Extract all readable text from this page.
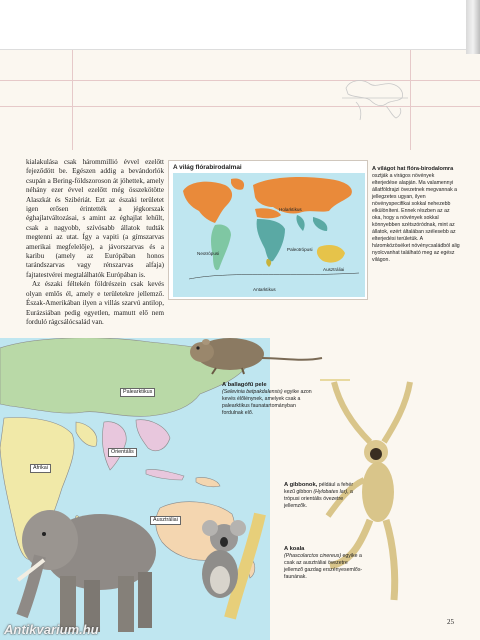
kialakulása csak hárommillió évvel ezelőtt fejeződött be. Egészen addig a bevándorlók csupán a Bering-földszoroson át jöhettek, amely néhány ezer évvel ezelőtt még összekötötte Alaszkát és Szibériát. Ezt az északi területet igen erősen érintették a jégkorszak éghajlatváltozásai, s amint az éghajlat lehűlt, csak a nagyobb, szívósabb állatok tudták megtenni az utat. Így a vapiti (a gímszarvas amerikai megfelelője), a jávorszarvas és a karibu (amely az Európában honos tarándszarvas vagy rénszarvas alfaja) fajtatestvérei megtalálhatók Európában is.

Az északi féltekén földrészein csak kevés olyan emlős él, amely e területekre jellemző. Észak-Amerikában ilyen a villás szarvú antilop, Eurázsiában pedig egyetlen, mamutt elő nem forduló rágcsálócsalád van.

A világ flórabirodalmai
Holarktikus
Neotrópusi
Paleotrópusi
Ausztráliai
Antarktikus
A világot hat flóra-birodalomra osztják a virágos növények elterjedése alapján. Ma valamennyi állatföldrajzi övezetnek megvannak a jellegzetes ugyan, ilyen növényspecifikai sokkal nehezebb elkülöníteni. Ennek részben az az oka, hogy a növények sokkal könnyebben szétszóródnak, mint az állatok, ezért általában szélesebb az elterjedési területük. A háromközöséket növénycsaládból alig nyolcvanhat található meg az egész világon.
Palearktikus
Afrikai
Orientális
Ausztráliai
A ballagófű pele
(Selevinia betpakdalensis) egyike azon kevés élőlénynek, amelyek csak a palearktikus faunatartományban fordulnak elő.
A gibbonok, például a fehér kezű gibbon (Hylobates lar), a trópusi orientális övezetre jellemzők.
A koala
(Phascolarctos cinereus) egyike a csak az ausztráliai övezetre jellemző gazdag erszényesemlős-faunának.
25
Antikvarium.hu
